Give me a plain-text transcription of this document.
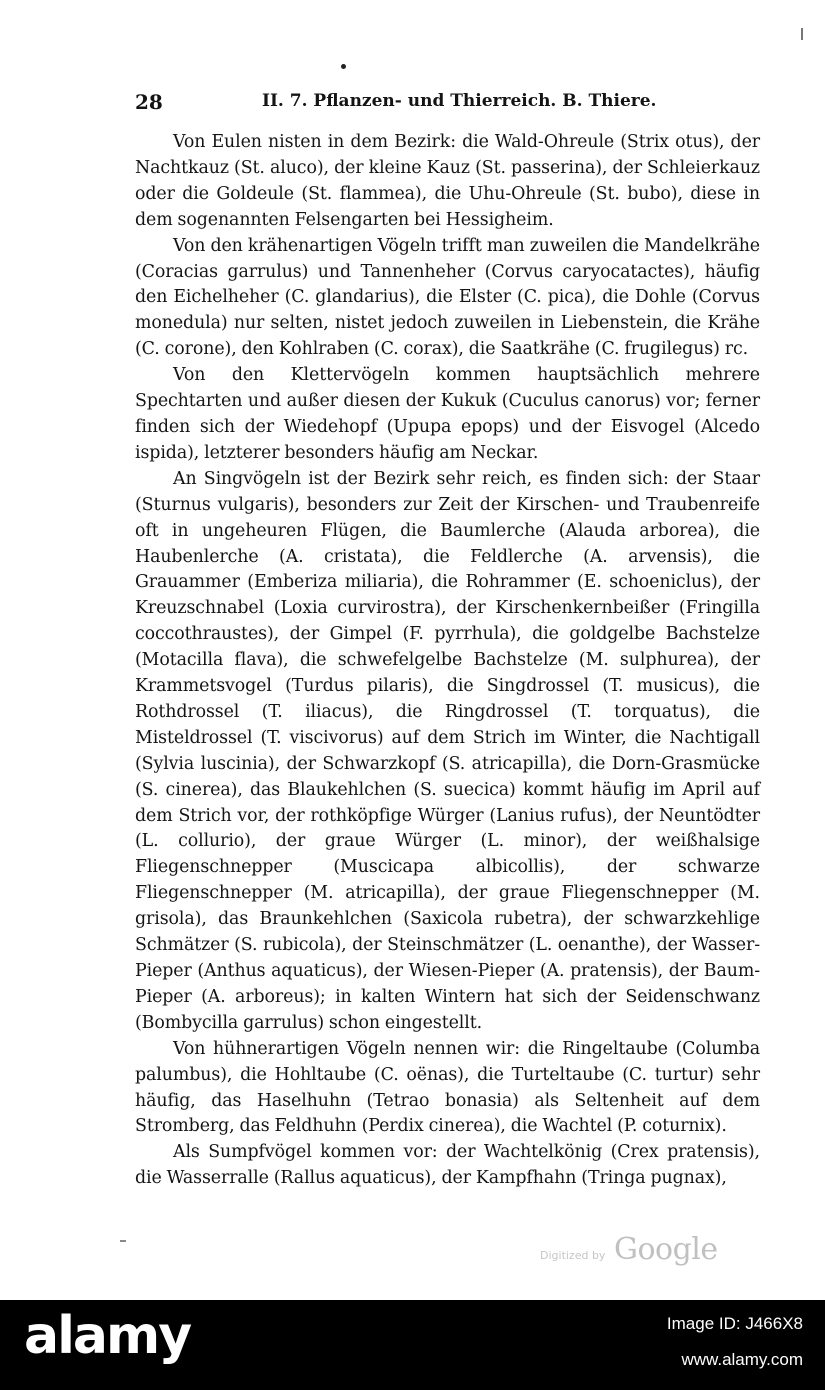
28	II. 7. Pflanzen- und Thierreich. B. Thiere.

Von Eulen nisten in dem Bezirk: die Wald-Ohreule (Strix otus), der Nachtkauz (St. aluco), der kleine Kauz (St. passerina), der Schleierkauz oder die Goldeule (St. flammea), die Uhu-Ohreule (St. bubo), diese in dem sogenannten Felsengarten bei Hessigheim.

Von den krähenartigen Vögeln trifft man zuweilen die Mandelkrähe (Coracias garrulus) und Tannenheher (Corvus caryocatactes), häufig den Eichelheher (C. glandarius), die Elster (C. pica), die Dohle (Corvus monedula) nur selten, nistet jedoch zuweilen in Liebenstein, die Krähe (C. corone), den Kohlraben (C. corax), die Saatkrähe (C. frugilegus) rc.

Von den Klettervögeln kommen hauptsächlich mehrere Spechtarten und außer diesen der Kukuk (Cuculus canorus) vor; ferner finden sich der Wiedehopf (Upupa epops) und der Eisvogel (Alcedo ispida), letzterer besonders häufig am Neckar.

An Singvögeln ist der Bezirk sehr reich, es finden sich: der Staar (Sturnus vulgaris), besonders zur Zeit der Kirschen- und Traubenreife oft in ungeheuren Flügen, die Baumlerche (Alauda arborea), die Haubenlerche (A. cristata), die Feldlerche (A. arvensis), die Grauammer (Emberiza miliaria), die Rohrammer (E. schoeniclus), der Kreuzschnabel (Loxia curvirostra), der Kirschenkernbeißer (Fringilla coccothraustes), der Gimpel (F. pyrrhula), die goldgelbe Bachstelze (Motacilla flava), die schwefelgelbe Bachstelze (M. sulphurea), der Krammetsvogel (Turdus pilaris), die Singdrossel (T. musicus), die Rothdrossel (T. iliacus), die Ringdrossel (T. torquatus), die Misteldrossel (T. viscivorus) auf dem Strich im Winter, die Nachtigall (Sylvia luscinia), der Schwarzkopf (S. atricapilla), die Dorn-Grasmücke (S. cinerea), das Blaukehlchen (S. suecica) kommt häufig im April auf dem Strich vor, der rothköpfige Würger (Lanius rufus), der Neuntödter (L. collurio), der graue Würger (L. minor), der weißhalsige Fliegenschnepper (Muscicapa albicollis), der schwarze Fliegenschnepper (M. atricapilla), der graue Fliegenschnepper (M. grisola), das Braunkehlchen (Saxicola rubetra), der schwarzkehlige Schmätzer (S. rubicola), der Steinschmätzer (L. oenanthe), der Wasser-Pieper (Anthus aquaticus), der Wiesen-Pieper (A. pratensis), der Baum-Pieper (A. arboreus); in kalten Wintern hat sich der Seidenschwanz (Bombycilla garrulus) schon eingestellt.

Von hühnerartigen Vögeln nennen wir: die Ringeltaube (Columba palumbus), die Hohltaube (C. oënas), die Turteltaube (C. turtur) sehr häufig, das Haselhuhn (Tetrao bonasia) als Seltenheit auf dem Stromberg, das Feldhuhn (Perdix cinerea), die Wachtel (P. coturnix).

Als Sumpfvögel kommen vor: der Wachtelkönig (Crex pratensis), die Wasserralle (Rallus aquaticus), der Kampfhahn (Tringa pugnax),

Digitized by Google
alamy	Image ID: J466X8
www.alamy.com
